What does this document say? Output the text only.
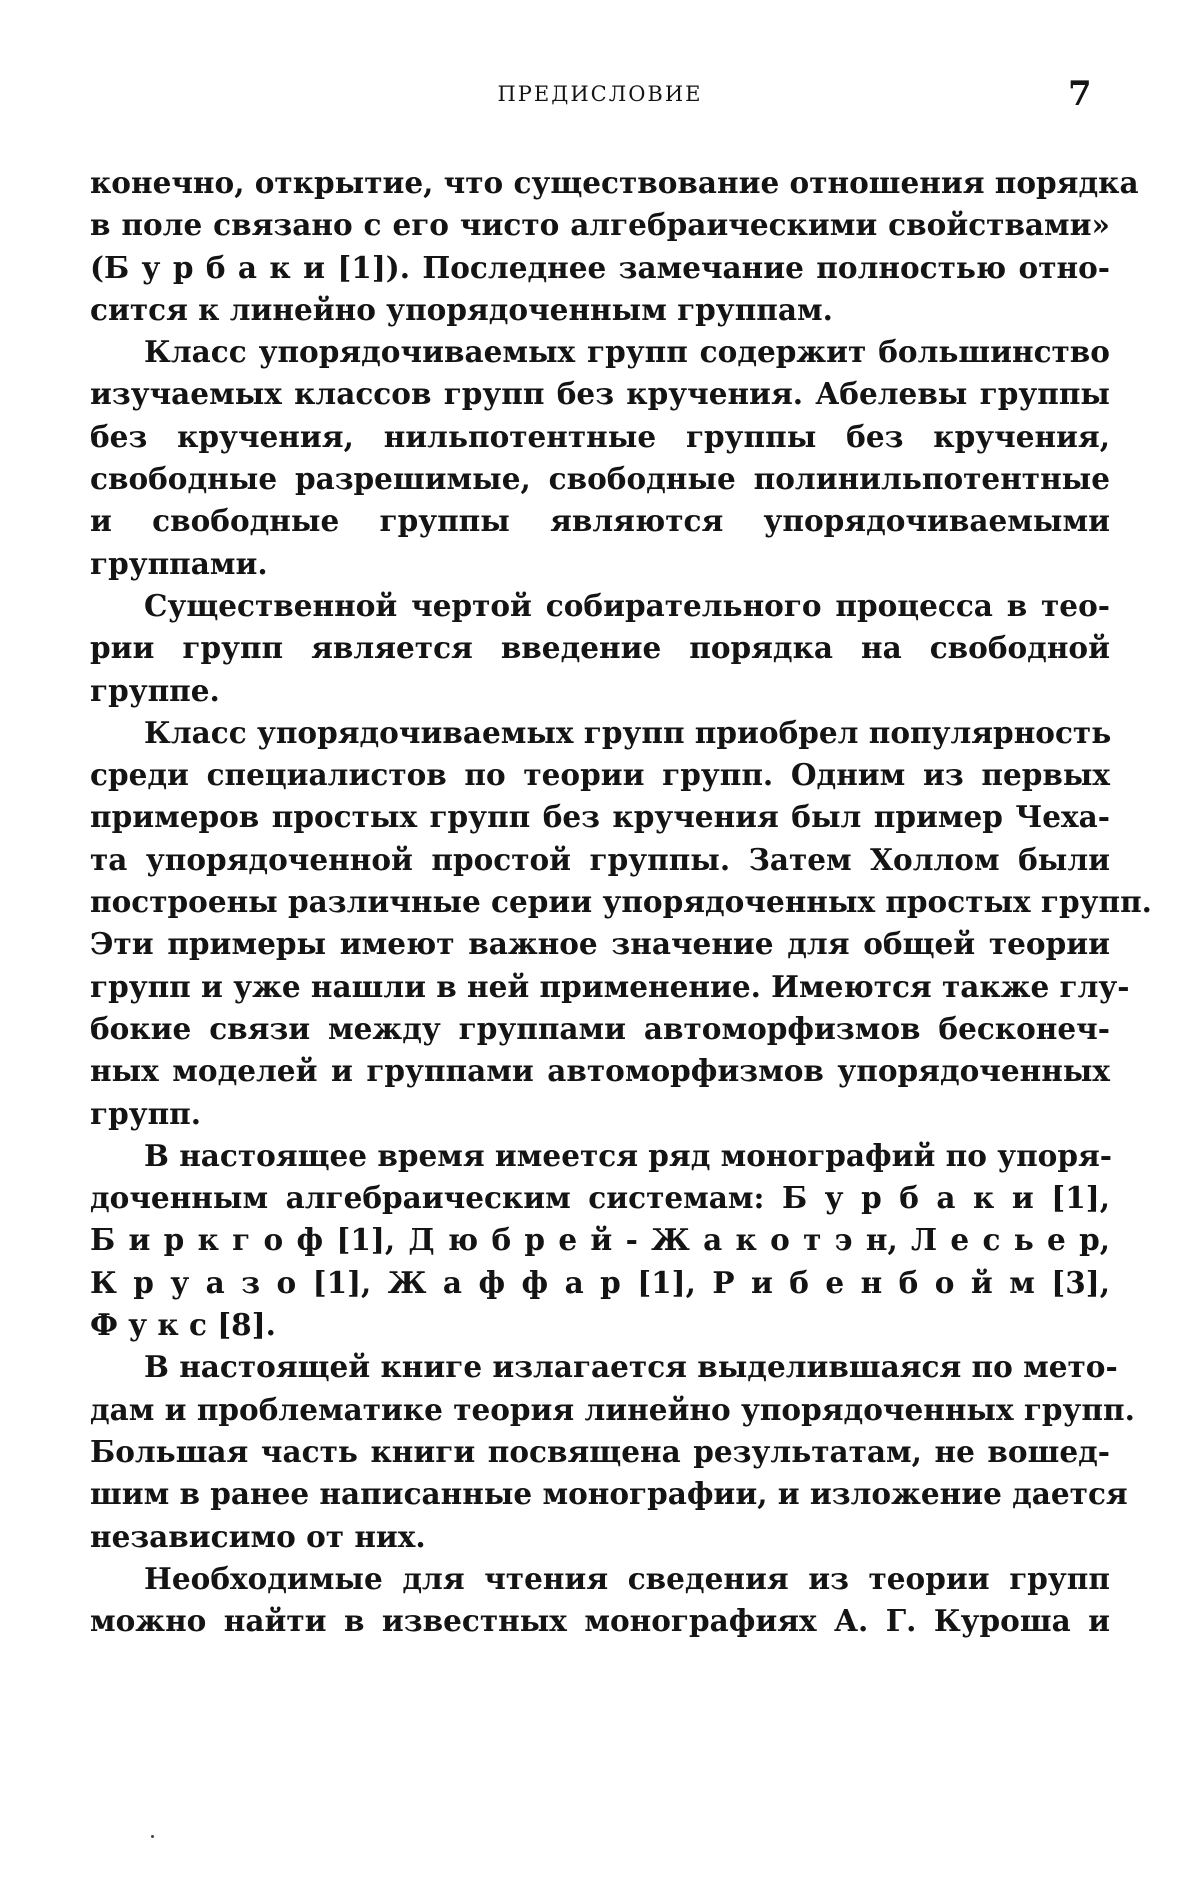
ПРЕДИСЛОВИЕ	7
конечно, открытие, что существование отношения порядка
в поле связано с его чисто алгебраическими свойствами»
(Б у р б а к и [1]). Последнее замечание полностью отно-
сится к линейно упорядоченным группам.
Класс упорядочиваемых групп содержит большинство
изучаемых классов групп без кручения. Абелевы группы
без кручения, нильпотентные группы без кручения,
свободные разрешимые, свободные полинильпотентные
и свободные группы являются упорядочиваемыми
группами.
Существенной чертой собирательного процесса в тео-
рии групп является введение порядка на свободной
группе.
Класс упорядочиваемых групп приобрел популярность
среди специалистов по теории групп. Одним из первых
примеров простых групп без кручения был пример Чеха-
та упорядоченной простой группы. Затем Холлом были
построены различные серии упорядоченных простых групп.
Эти примеры имеют важное значение для общей теории
групп и уже нашли в ней применение. Имеются также глу-
бокие связи между группами автоморфизмов бесконеч-
ных моделей и группами автоморфизмов упорядоченных
групп.
В настоящее время имеется ряд монографий по упоря-
доченным алгебраическим системам: Б у р б а к и [1],
Б и р к г о ф [1], Д ю б р е й - Ж а к о т э н, Л е с ь е р,
К р у а з о [1], Ж а ф ф а р [1], Р и б е н б о й м [3],
Ф у к с [8].
В настоящей книге излагается выделившаяся по мето-
дам и проблематике теория линейно упорядоченных групп.
Большая часть книги посвящена результатам, не вошед-
шим в ранее написанные монографии, и изложение дается
независимо от них.
Необходимые для чтения сведения из теории групп
можно найти в известных монографиях А. Г. Куроша и
